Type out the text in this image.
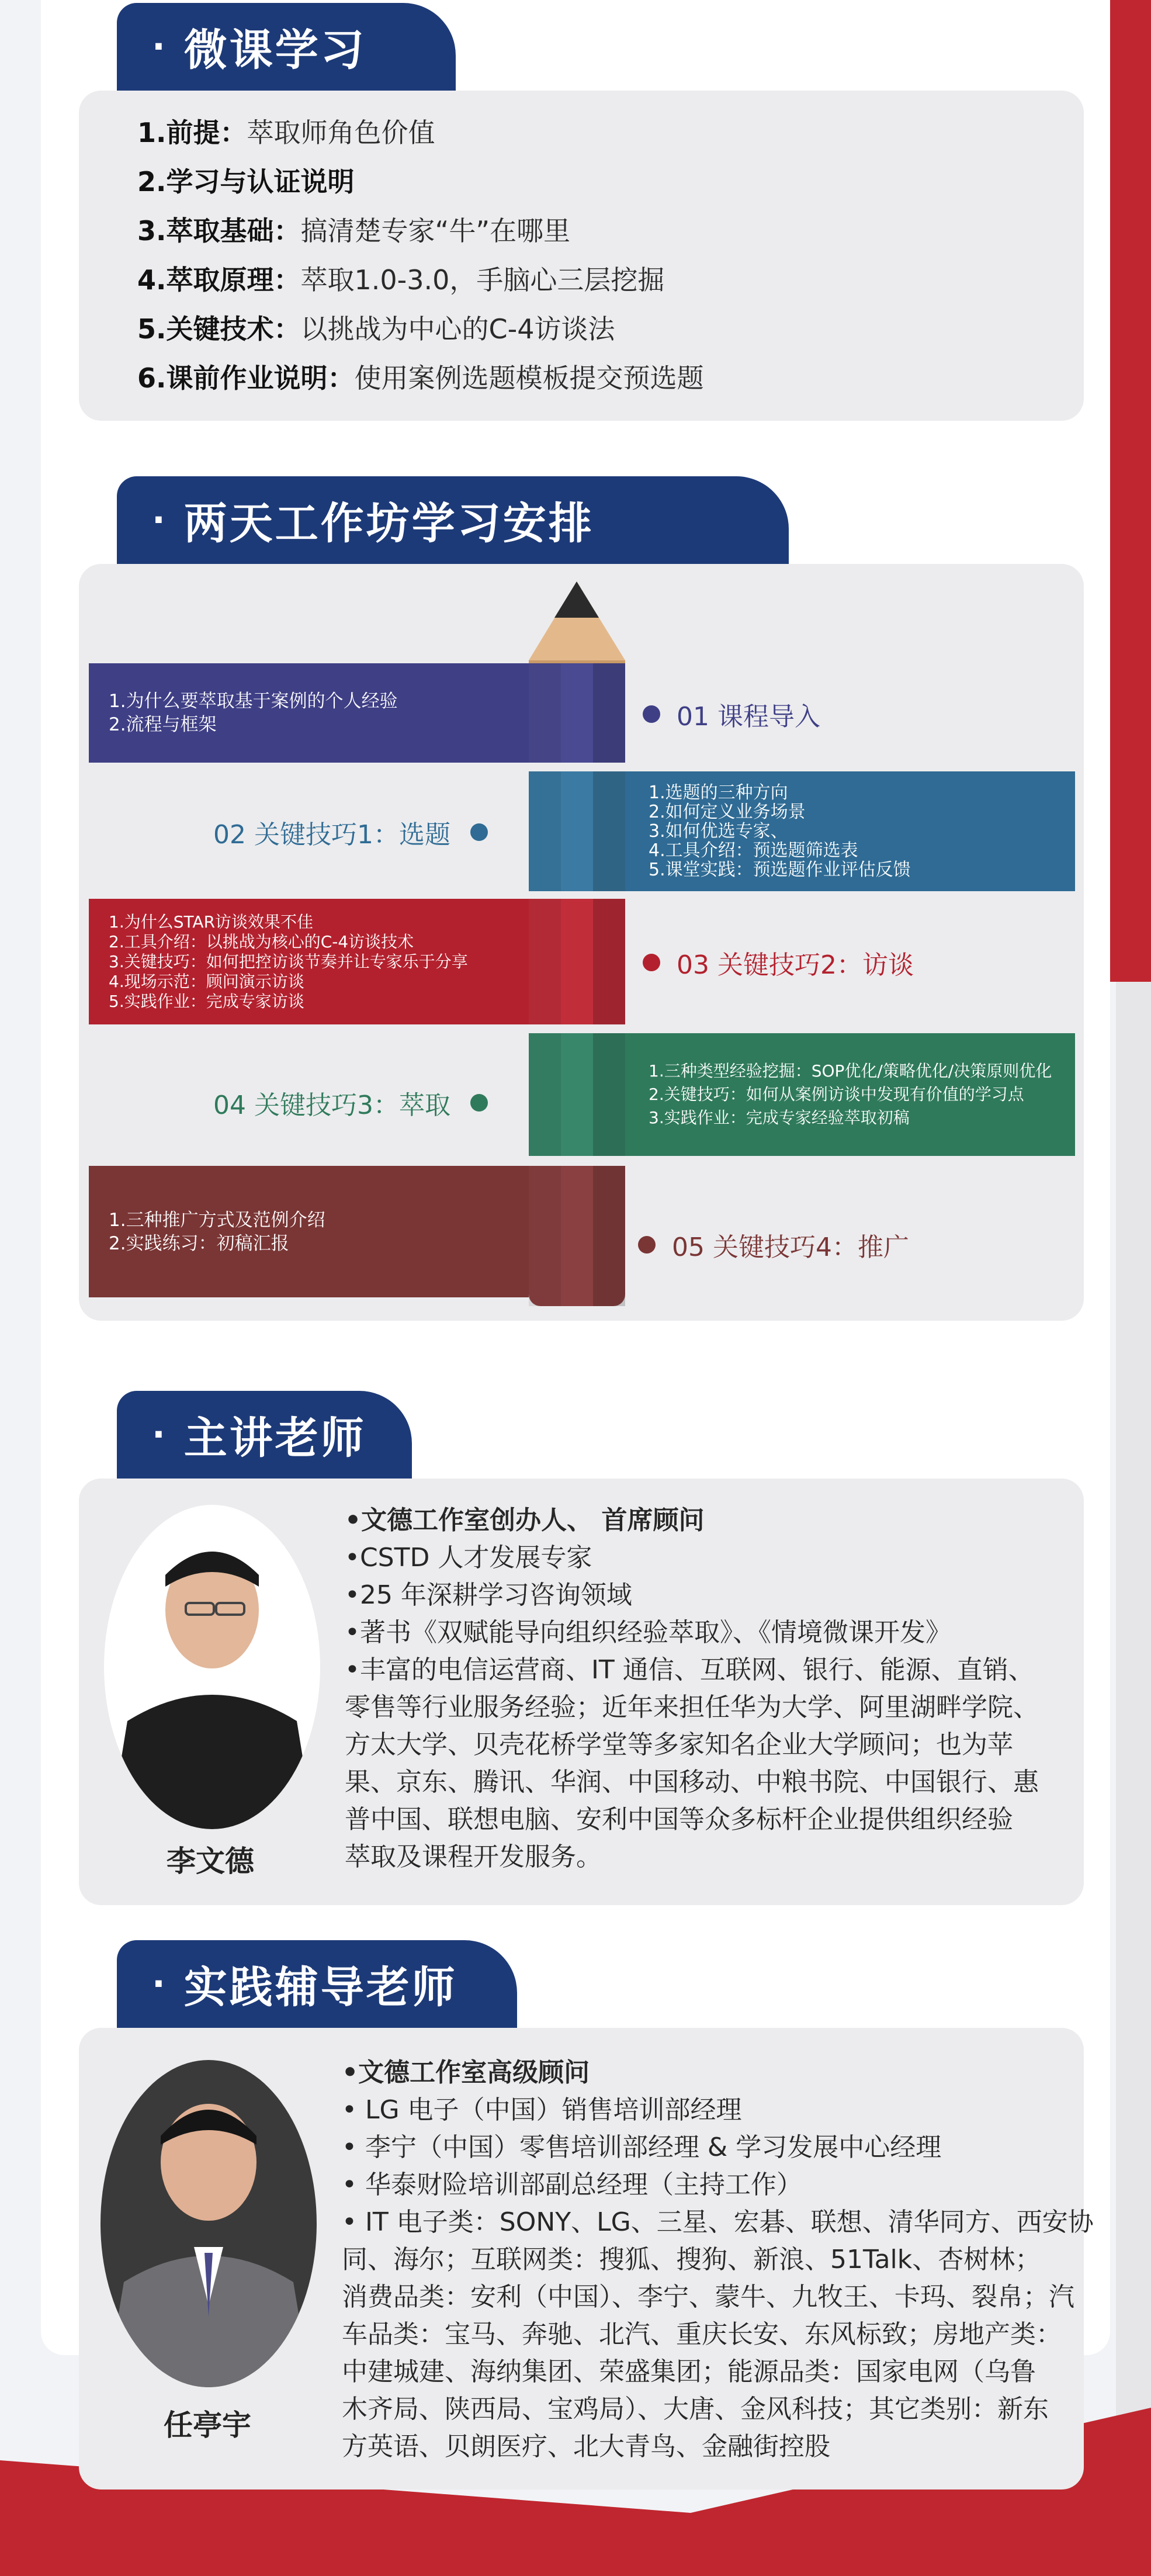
· 微课学习
1.前提：萃取师角色价值
2.学习与认证说明
3.萃取基础：搞清楚专家“牛”在哪里
4.萃取原理：萃取1.0-3.0，手脑心三层挖掘
5.关键技术：以挑战为中心的C-4访谈法
6.课前作业说明：使用案例选题模板提交预选题
· 两天工作坊学习安排
1.为什么要萃取基于案例的个人经验
2.流程与框架	01 课程导入
02 关键技巧1：选题
1.选题的三种方向
2.如何定义业务场景
3.如何优选专家、
4.工具介绍：预选题筛选表
5.课堂实践：预选题作业评估反馈
1.为什么STAR访谈效果不佳
2.工具介绍：以挑战为核心的C-4访谈技术
3.关键技巧：如何把控访谈节奏并让专家乐于分享
4.现场示范：顾问演示访谈
5.实践作业：完成专家访谈
03 关键技巧2：访谈
04 关键技巧3：萃取
1.三种类型经验挖掘：SOP优化/策略优化/决策原则优化
2.关键技巧：如何从案例访谈中发现有价值的学习点
3.实践作业：完成专家经验萃取初稿
1.三种推广方式及范例介绍
2.实践练习：初稿汇报	05 关键技巧4：推广
· 主讲老师
李文德

•文德工作室创办人、 首席顾问

•CSTD 人才发展专家

•25 年深耕学习咨询领域

•著书《双赋能导向组织经验萃取》、《情境微课开发》

•丰富的电信运营商、IT 通信、互联网、银行、能源、直销、

零售等行业服务经验；近年来担任华为大学、阿里湖畔学院、

方太大学、贝壳花桥学堂等多家知名企业大学顾问；也为苹

果、京东、腾讯、华润、中国移动、中粮书院、中国银行、惠

普中国、联想电脑、安利中国等众多标杆企业提供组织经验

萃取及课程开发服务。

· 实践辅导老师
任亭宇

•文德工作室高级顾问

• LG 电子（中国）销售培训部经理

• 李宁（中国）零售培训部经理 & 学习发展中心经理

• 华泰财险培训部副总经理（主持工作）

• IT 电子类：SONY、LG、三星、宏碁、联想、清华同方、西安协

同、海尔；互联网类：搜狐、搜狗、新浪、51Talk、杏树林；

消费品类：安利（中国）、李宁、蒙牛、九牧王、卡玛、裂帛；汽

车品类：宝马、奔驰、北汽、重庆长安、东风标致；房地产类：

中建城建、海纳集团、荣盛集团；能源品类：国家电网（乌鲁

木齐局、陕西局、宝鸡局）、大唐、金风科技；其它类别：新东

方英语、贝朗医疗、北大青鸟、金融街控股
